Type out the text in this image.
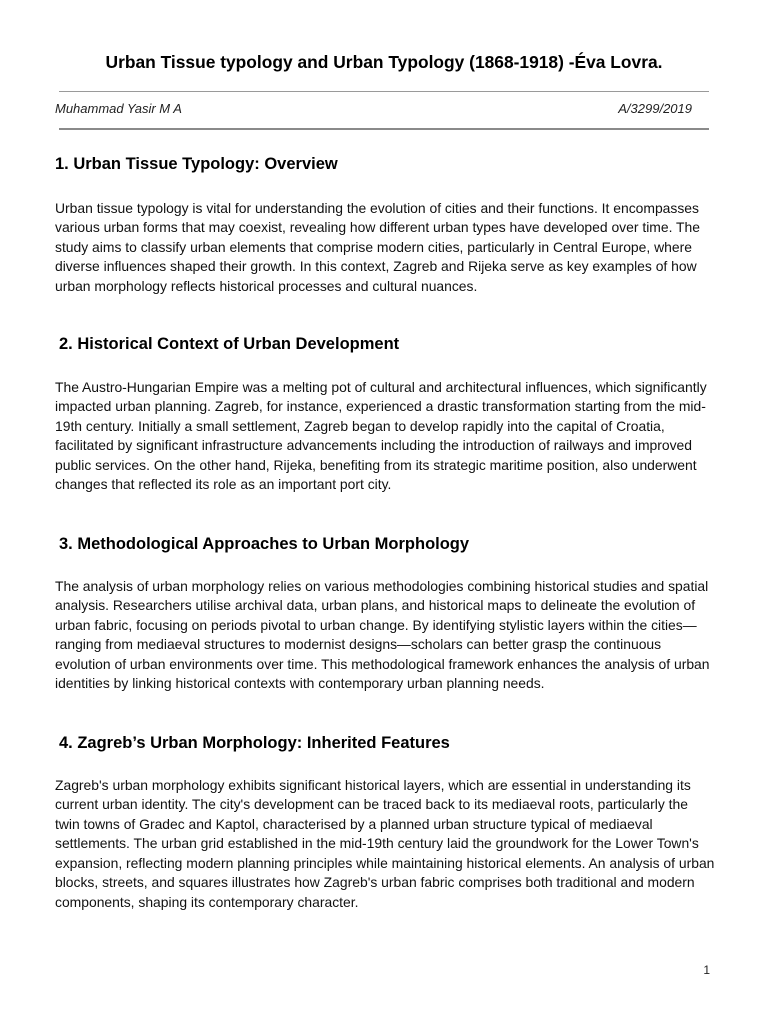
Urban Tissue typology and Urban Typology (1868-1918) -Éva Lovra.
Muhammad Yasir M A	A/3299/2019
1. Urban Tissue Typology: Overview

Urban tissue typology is vital for understanding the evolution of cities and their functions. It encompasses various urban forms that may coexist, revealing how different urban types have developed over time. The study aims to classify urban elements that comprise modern cities, particularly in Central Europe, where diverse influences shaped their growth. In this context, Zagreb and Rijeka serve as key examples of how urban morphology reflects historical processes and cultural nuances.

2. Historical Context of Urban Development

The Austro-Hungarian Empire was a melting pot of cultural and architectural influences, which significantly impacted urban planning. Zagreb, for instance, experienced a drastic transformation starting from the mid-19th century. Initially a small settlement, Zagreb began to develop rapidly into the capital of Croatia, facilitated by significant infrastructure advancements including the introduction of railways and improved public services. On the other hand, Rijeka, benefiting from its strategic maritime position, also underwent changes that reflected its role as an important port city.

3. Methodological Approaches to Urban Morphology

The analysis of urban morphology relies on various methodologies combining historical studies and spatial analysis. Researchers utilise archival data, urban plans, and historical maps to delineate the evolution of urban fabric, focusing on periods pivotal to urban change. By identifying stylistic layers within the cities—ranging from mediaeval structures to modernist designs—scholars can better grasp the continuous evolution of urban environments over time. This methodological framework enhances the analysis of urban identities by linking historical contexts with contemporary urban planning needs.

4. Zagreb’s Urban Morphology: Inherited Features

Zagreb's urban morphology exhibits significant historical layers, which are essential in understanding its current urban identity. The city's development can be traced back to its mediaeval roots, particularly the twin towns of Gradec and Kaptol, characterised by a planned urban structure typical of mediaeval settlements. The urban grid established in the mid-19th century laid the groundwork for the Lower Town's expansion, reflecting modern planning principles while maintaining historical elements. An analysis of urban blocks, streets, and squares illustrates how Zagreb's urban fabric comprises both traditional and modern components, shaping its contemporary character.

1
